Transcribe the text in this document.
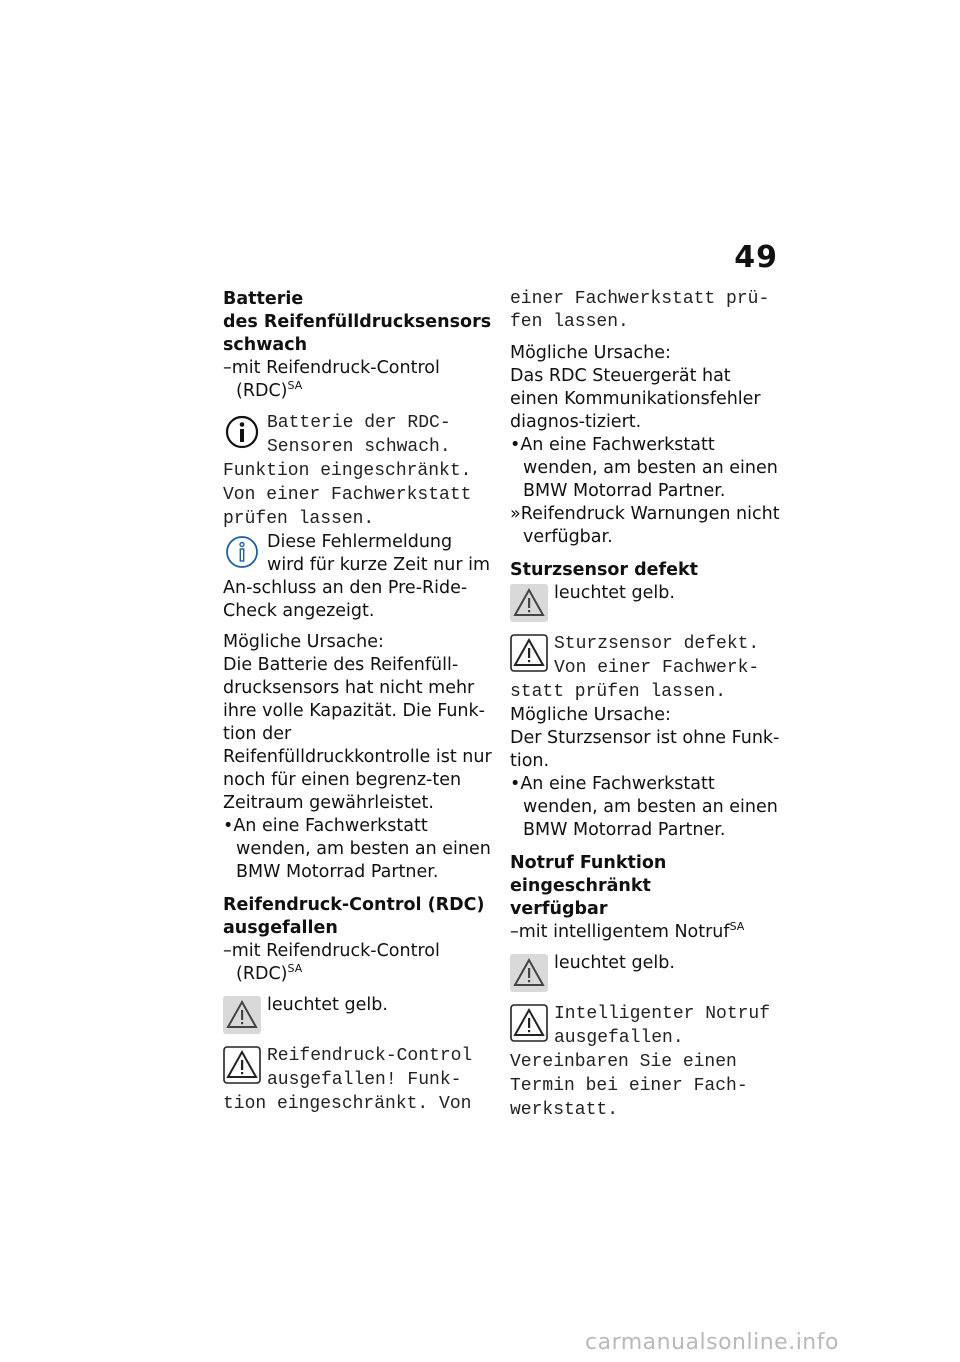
49

Batterie
des Reifenfülldrucksensors
schwach

–mit Reifendruck-Control (RDC)$^{SA}$

Batterie der RDC-Sensoren schwach. Funktion eingeschränkt. Von einer Fachwerkstatt prüfen lassen.
Diese Fehlermeldung wird für kurze Zeit nur im An-schluss an den Pre-Ride-Check angezeigt.

Mögliche Ursache:

Die Batterie des Reifenfüll-drucksensors hat nicht mehr ihre volle Kapazität. Die Funk-tion der Reifenfülldruckkontrolle ist nur noch für einen begrenz-ten Zeitraum gewährleistet.

•An eine Fachwerkstatt wenden, am besten an einen BMW Motorrad Partner.

Reifendruck-Control (RDC)
ausgefallen

–mit Reifendruck-Control (RDC)$^{SA}$

leuchtet gelb.
Reifendruck-Control ausgefallen! Funk-tion eingeschränkt. Von

einer Fachwerkstatt prü-fen lassen.

Mögliche Ursache:

Das RDC Steuergerät hat einen Kommunikationsfehler diagnos-tiziert.

•An eine Fachwerkstatt wenden, am besten an einen BMW Motorrad Partner.

»Reifendruck Warnungen nicht verfügbar.

Sturzsensor defekt

leuchtet gelb.
Sturzsensor defekt. Von einer Fachwerk-statt prüfen lassen.

Mögliche Ursache:

Der Sturzsensor ist ohne Funk-tion.

•An eine Fachwerkstatt wenden, am besten an einen BMW Motorrad Partner.

Notruf Funktion eingeschränkt
verfügbar

–mit intelligentem Notruf$^{SA}$

leuchtet gelb.
Intelligenter Notruf ausgefallen. Vereinbaren Sie einen Termin bei einer Fach-werkstatt.
carmanualsonline.info
